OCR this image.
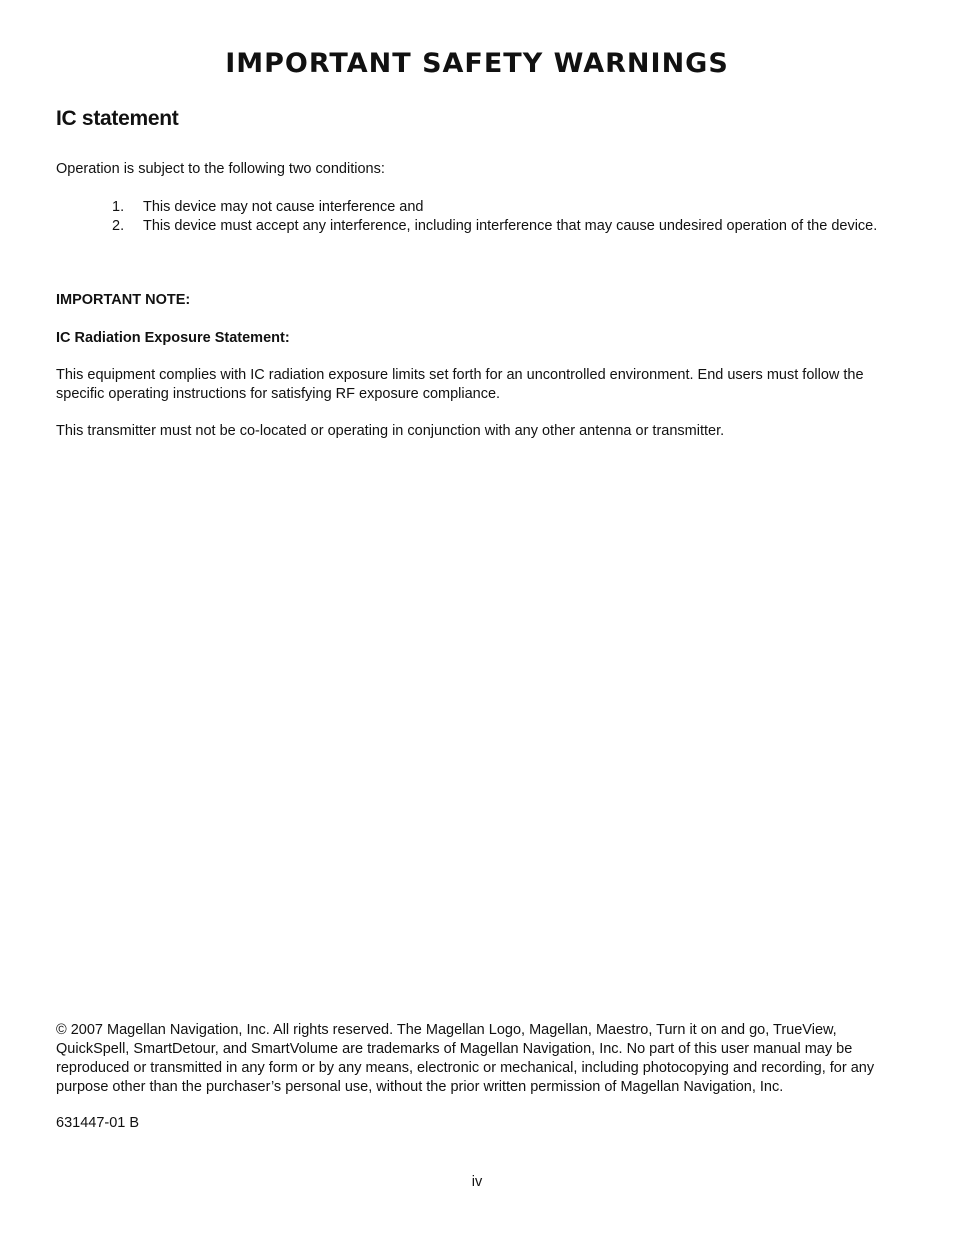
IMPORTANT SAFETY WARNINGS
IC statement

Operation is subject to the following two conditions:

1.	This device may not cause interference and
2.	This device must accept any interference, including interference that may cause undesired operation of the device.

IMPORTANT NOTE:

IC Radiation Exposure Statement:

This equipment complies with IC radiation exposure limits set forth for an uncontrolled environment. End users must follow the specific operating instructions for satisfying RF exposure compliance.

This transmitter must not be co-located or operating in conjunction with any other antenna or transmitter.

© 2007 Magellan Navigation, Inc. All rights reserved. The Magellan Logo, Magellan, Maestro, Turn it on and go, TrueView, QuickSpell, SmartDetour, and SmartVolume are trademarks of Magellan Navigation, Inc. No part of this user manual may be reproduced or transmitted in any form or by any means, electronic or mechanical, including photocopying and recording, for any purpose other than the purchaser’s personal use, without the prior written permission of Magellan Navigation, Inc.

631447-01 B

iv
